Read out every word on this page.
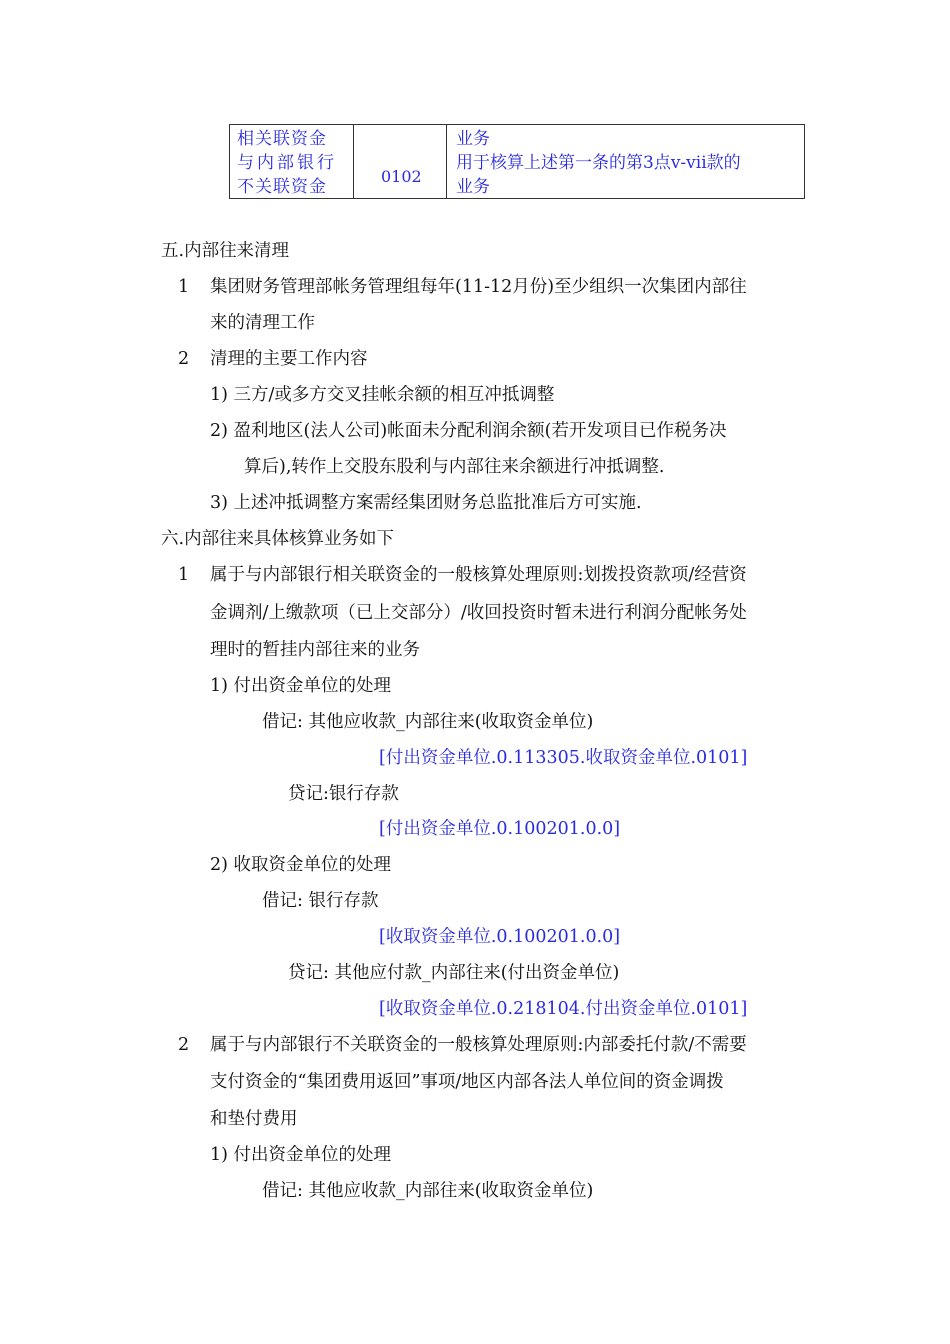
相关联资金
与内部银行
不关联资金
0102
业务
用于核算上述第一条的第3点v-vii款的
业务
五.内部往来清理
1 集团财务管理部帐务管理组每年(11-12月份)至少组织一次集团内部往
来的清理工作
2 清理的主要工作内容
1) 三方/或多方交叉挂帐余额的相互冲抵调整
2) 盈利地区(法人公司)帐面未分配利润余额(若开发项目已作税务决
算后),转作上交股东股利与内部往来余额进行冲抵调整.
3) 上述冲抵调整方案需经集团财务总监批准后方可实施.
六.内部往来具体核算业务如下
1 属于与内部银行相关联资金的一般核算处理原则:划拨投资款项/经营资
金调剂/上缴款项（已上交部分）/收回投资时暂未进行利润分配帐务处
理时的暂挂内部往来的业务
1) 付出资金单位的处理
借记: 其他应收款_内部往来(收取资金单位)
[付出资金单位.0.113305.收取资金单位.0101]
贷记:银行存款
[付出资金单位.0.100201.0.0]
2) 收取资金单位的处理
借记: 银行存款
[收取资金单位.0.100201.0.0]
贷记: 其他应付款_内部往来(付出资金单位)
[收取资金单位.0.218104.付出资金单位.0101]
2 属于与内部银行不关联资金的一般核算处理原则:内部委托付款/不需要
支付资金的“集团费用返回”事项/地区内部各法人单位间的资金调拨
和垫付费用
1) 付出资金单位的处理
借记: 其他应收款_内部往来(收取资金单位)
